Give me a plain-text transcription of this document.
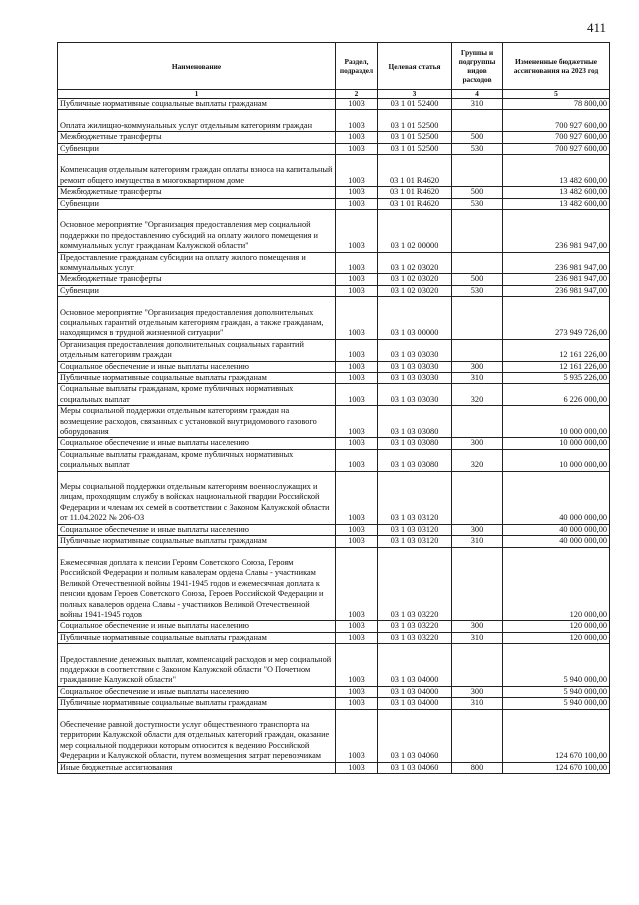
411
Наименование	Раздел, подраздел	Целевая статья	Группы и подгруппы видов расходов	Измененные бюджетные ассигнования на 2023 год
1	2	3	4	5
Публичные нормативные социальные выплаты гражданам	1003	03 1 01 52400	310	78 800,00
Оплата жилищно-коммунальных услуг отдельным категориям граждан	1003	03 1 01 52500		700 927 600,00
Межбюджетные трансферты	1003	03 1 01 52500	500	700 927 600,00
Субвенции	1003	03 1 01 52500	530	700 927 600,00
Компенсация отдельным категориям граждан оплаты взноса на капитальный ремонт общего имущества в многоквартирном доме	1003	03 1 01 R4620		13 482 600,00
Межбюджетные трансферты	1003	03 1 01 R4620	500	13 482 600,00
Субвенции	1003	03 1 01 R4620	530	13 482 600,00
Основное мероприятие "Организация предоставления мер социальной поддержки по предоставлению субсидий на оплату жилого помещения и коммунальных услуг гражданам Калужской области"	1003	03 1 02 00000		236 981 947,00
Предоставление гражданам субсидии на оплату жилого помещения и коммунальных услуг	1003	03 1 02 03020		236 981 947,00
Межбюджетные трансферты	1003	03 1 02 03020	500	236 981 947,00
Субвенции	1003	03 1 02 03020	530	236 981 947,00
Основное мероприятие "Организация предоставления дополнительных социальных гарантий отдельным категориям граждан, а также гражданам, находящимся в трудной жизненной ситуации"	1003	03 1 03 00000		273 949 726,00
Организация предоставления дополнительных социальных гарантий отдельным категориям граждан	1003	03 1 03 03030		12 161 226,00
Социальное обеспечение и иные выплаты населению	1003	03 1 03 03030	300	12 161 226,00
Публичные нормативные социальные выплаты гражданам	1003	03 1 03 03030	310	5 935 226,00
Социальные выплаты гражданам, кроме публичных нормативных социальных выплат	1003	03 1 03 03030	320	6 226 000,00
Меры социальной поддержки отдельным категориям граждан на возмещение расходов, связанных с установкой внутридомового газового оборудования	1003	03 1 03 03080		10 000 000,00
Социальное обеспечение и иные выплаты населению	1003	03 1 03 03080	300	10 000 000,00
Социальные выплаты гражданам, кроме публичных нормативных социальных выплат	1003	03 1 03 03080	320	10 000 000,00
Меры социальной поддержки отдельным категориям военнослужащих и лицам, проходящим службу в войсках национальной гвардии Российской Федерации и членам их семей в соответствии с Законом Калужской области от 11.04.2022 № 206-ОЗ	1003	03 1 03 03120		40 000 000,00
Социальное обеспечение и иные выплаты населению	1003	03 1 03 03120	300	40 000 000,00
Публичные нормативные социальные выплаты гражданам	1003	03 1 03 03120	310	40 000 000,00
Ежемесячная доплата к пенсии Героям Советского Союза, Героям Российской Федерации и полным кавалерам ордена Славы - участникам Великой Отечественной войны 1941-1945 годов и ежемесячная доплата к пенсии вдовам Героев Советского Союза, Героев Российской Федерации и полных кавалеров ордена Славы - участников Великой Отечественной войны 1941-1945 годов	1003	03 1 03 03220		120 000,00
Социальное обеспечение и иные выплаты населению	1003	03 1 03 03220	300	120 000,00
Публичные нормативные социальные выплаты гражданам	1003	03 1 03 03220	310	120 000,00
Предоставление денежных выплат, компенсаций расходов и мер социальной поддержки в соответствии с Законом Калужской области "О Почетном гражданине Калужской области"	1003	03 1 03 04000		5 940 000,00
Социальное обеспечение и иные выплаты населению	1003	03 1 03 04000	300	5 940 000,00
Публичные нормативные социальные выплаты гражданам	1003	03 1 03 04000	310	5 940 000,00
Обеспечение равной доступности услуг общественного транспорта на территории Калужской области для отдельных категорий граждан, оказание мер социальной поддержки которым относится к ведению Российской Федерации и Калужской области, путем возмещения затрат перевозчикам	1003	03 1 03 04060		124 670 100,00
Иные бюджетные ассигнования	1003	03 1 03 04060	800	124 670 100,00
